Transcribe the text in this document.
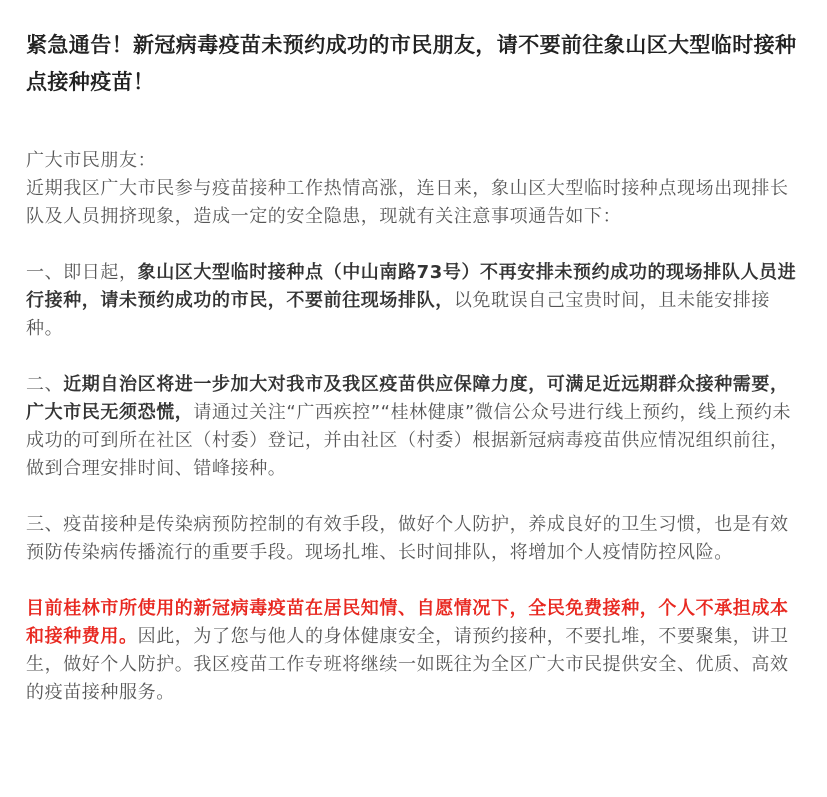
紧急通告！新冠病毒疫苗未预约成功的市民朋友，请不要前往象山区大型临时接种点接种疫苗！

广大市民朋友：

近期我区广大市民参与疫苗接种工作热情高涨，连日来，象山区大型临时接种点现场出现排长队及人员拥挤现象，造成一定的安全隐患，现就有关注意事项通告如下：

一、即日起，象山区大型临时接种点（中山南路73号）不再安排未预约成功的现场排队人员进行接种，请未预约成功的市民，不要前往现场排队，以免耽误自己宝贵时间，且未能安排接种。

二、近期自治区将进一步加大对我市及我区疫苗供应保障力度，可满足近远期群众接种需要，广大市民无须恐慌，请通过关注“广西疾控”“桂林健康”微信公众号进行线上预约，线上预约未成功的可到所在社区（村委）登记，并由社区（村委）根据新冠病毒疫苗供应情况组织前往，做到合理安排时间、错峰接种。

三、疫苗接种是传染病预防控制的有效手段，做好个人防护，养成良好的卫生习惯，也是有效预防传染病传播流行的重要手段。现场扎堆、长时间排队，将增加个人疫情防控风险。

目前桂林市所使用的新冠病毒疫苗在居民知情、自愿情况下，全民免费接种，个人不承担成本和接种费用。因此，为了您与他人的身体健康安全，请预约接种，不要扎堆，不要聚集，讲卫生，做好个人防护。我区疫苗工作专班将继续一如既往为全区广大市民提供安全、优质、高效的疫苗接种服务。
